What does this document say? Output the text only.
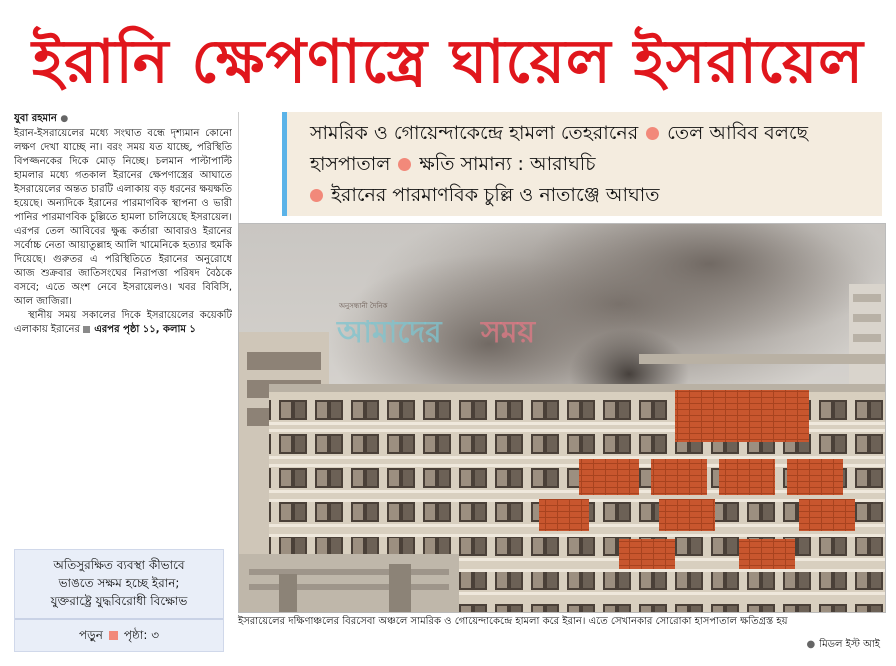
ইরানি ক্ষেপণাস্ত্রে ঘায়েল ইসরায়েল
যুবা রহমান ●

ইরান-ইসরায়েলের মধ্যে সংঘাত বন্ধে দৃশ্যমান কোনো লক্ষণ দেখা যাচ্ছে না। বরং সময় যত যাচ্ছে, পরিস্থিতি বিপজ্জনকের দিকে মোড় নিচ্ছে। চলমান পাল্টাপাল্টি হামলার মধ্যে গতকাল ইরানের ক্ষেপণাস্ত্রের আঘাতে ইসরায়েলের অন্তত চারটি এলাকায় বড় ধরনের ক্ষয়ক্ষতি হয়েছে। অন্যদিকে ইরানের পারমাণবিক স্থাপনা ও ভারী পানির পারমাণবিক চুল্লিতে হামলা চালিয়েছে ইসরায়েল। এরপর তেল আবিবের ক্ষুব্ধ কর্তারা আবারও ইরানের সর্বোচ্চ নেতা আয়াতুল্লাহ আলি খামেনিকে হত্যার হুমকি দিয়েছে। গুরুতর এ পরিস্থিতিতে ইরানের অনুরোধে আজ শুক্রবার জাতিসংঘের নিরাপত্তা পরিষদ বৈঠকে বসবে; এতে অংশ নেবে ইসরায়েলও। খবর বিবিসি, আল জাজিরা।

স্থানীয় সময় সকালের দিকে ইসরায়েলের কয়েকটি এলাকায় ইরানের এরপর পৃষ্ঠা ১১, কলাম ১

অতিসুরক্ষিত ব্যবস্থা কীভাবে
ভাঙতে সক্ষম হচ্ছে ইরান;
যুক্তরাষ্ট্রে যুদ্ধবিরোধী বিক্ষোভ
পড়ুন পৃষ্ঠা: ৩
সামরিক ও গোয়েন্দাকেন্দ্রে হামলা তেহরানের তেল আবিব বলছে হাসপাতাল ক্ষতি সামান্য : আরাঘচি
ইরানের পারমাণবিক চুল্লি ও নাতাঞ্জে আঘাত
অনুসন্ধানী দৈনিক
আমাদের সময়
ইসরায়েলের দক্ষিণাঞ্চলের বিরসেবা অঞ্চলে সামরিক ও গোয়েন্দাকেন্দ্রে হামলা করে ইরান। এতে সেখানকার সোরোকা হাসপাতাল ক্ষতিগ্রস্ত হয়
● মিডল ইস্ট আই
